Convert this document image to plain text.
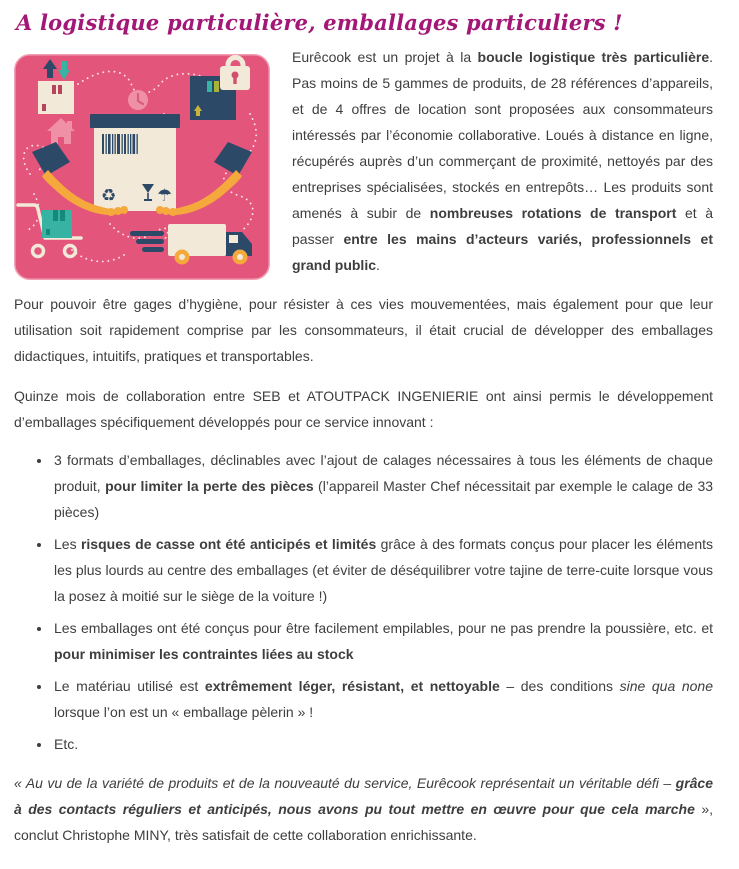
A logistique particulière, emballages particuliers !
♻ ☂

Eurêcook est un projet à la boucle logistique très particulière. Pas moins de 5 gammes de produits, de 28 références d’appareils, et de 4 offres de location sont proposées aux consommateurs intéressés par l’économie collaborative. Loués à distance en ligne, récupérés auprès d’un commerçant de proximité, nettoyés par des entreprises spécialisées, stockés en entrepôts… Les produits sont amenés à subir de nombreuses rotations de transport et à passer entre les mains d’acteurs variés, professionnels et grand public.

Pour pouvoir être gages d’hygiène, pour résister à ces vies mouvementées, mais également pour que leur utilisation soit rapidement comprise par les consommateurs, il était crucial de développer des emballages didactiques, intuitifs, pratiques et transportables.

Quinze mois de collaboration entre SEB et ATOUTPACK INGENIERIE ont ainsi permis le développement d’emballages spécifiquement développés pour ce service innovant :

• 3 formats d’emballages, déclinables avec l’ajout de calages nécessaires à tous les éléments de chaque produit, pour limiter la perte des pièces (l’appareil Master Chef nécessitait par exemple le calage de 33 pièces)
• Les risques de casse ont été anticipés et limités grâce à des formats conçus pour placer les éléments les plus lourds au centre des emballages (et éviter de déséquilibrer votre tajine de terre-cuite lorsque vous la posez à moitié sur le siège de la voiture !)
• Les emballages ont été conçus pour être facilement empilables, pour ne pas prendre la poussière, etc. et pour minimiser les contraintes liées au stock
• Le matériau utilisé est extrêmement léger, résistant, et nettoyable – des conditions sine qua none lorsque l’on est un « emballage pèlerin » !
• Etc.

« Au vu de la variété de produits et de la nouveauté du service, Eurêcook représentait un véritable défi – grâce à des contacts réguliers et anticipés, nous avons pu tout mettre en œuvre pour que cela marche », conclut Christophe MINY, très satisfait de cette collaboration enrichissante.
